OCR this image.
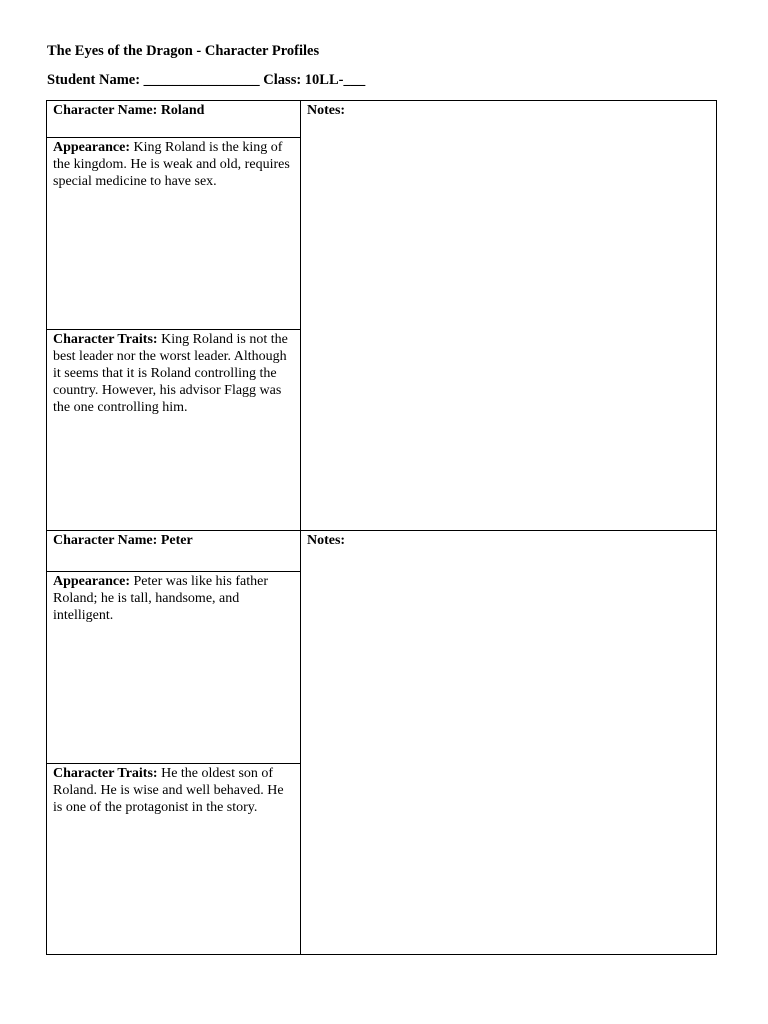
The Eyes of the Dragon - Character Profiles
Student Name: ________________ Class: 10LL-___
Character Name: Roland	Notes:
Appearance: King Roland is the king of the kingdom. He is weak and old, requires special medicine to have sex.
Character Traits: King Roland is not the best leader nor the worst leader. Although it seems that it is Roland controlling the country. However, his advisor Flagg was the one controlling him.
Character Name: Peter	Notes:
Appearance: Peter was like his father Roland; he is tall, handsome, and intelligent.
Character Traits: He the oldest son of Roland. He is wise and well behaved. He is one of the protagonist in the story.
